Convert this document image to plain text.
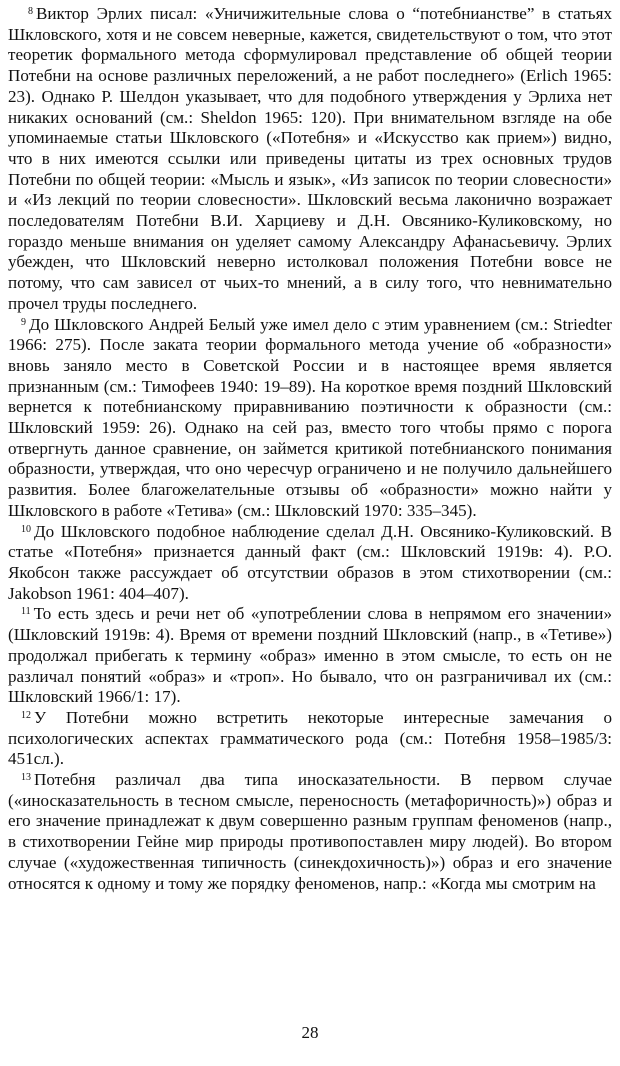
$^8$ Виктор Эрлих писал: «Уничижительные слова о “потебнианстве” в статьях Шкловского, хотя и не совсем неверные, кажется, свидетельствуют о том, что этот теоретик формального метода сформулировал представление об общей теории Потебни на основе различных переложений, а не работ последнего» (Erlich 1965: 23). Однако Р. Шелдон указывает, что для подобного утверждения у Эрлиха нет никаких оснований (см.: Sheldon 1965: 120). При внимательном взгляде на обе упоминаемые статьи Шкловского («Потебня» и «Искусство как прием») видно, что в них имеются ссылки или приведены цитаты из трех основных трудов Потебни по общей теории: «Мысль и язык», «Из записок по теории словесности» и «Из лекций по теории словесности». Шкловский весьма лаконично возражает последователям Потебни В.И. Харциеву и Д.Н. Овсянико-Куликовскому, но гораздо меньше внимания он уделяет самому Александру Афанасьевичу. Эрлих убежден, что Шкловский неверно истолковал положения Потебни вовсе не потому, что сам зависел от чьих-то мнений, а в силу того, что невнимательно прочел труды последнего.

$^9$ До Шкловского Андрей Белый уже имел дело с этим уравнением (см.: Striedter 1966: 275). После заката теории формального метода учение об «образности» вновь заняло место в Советской России и в настоящее время является признанным (см.: Тимофеев 1940: 19–89). На короткое время поздний Шкловский вернется к потебнианскому приравниванию поэтичности к образности (см.: Шкловский 1959: 26). Однако на сей раз, вместо того чтобы прямо с порога отвергнуть данное сравнение, он займется критикой потебнианского понимания образности, утверждая, что оно чересчур ограничено и не получило дальнейшего развития. Более благожелательные отзывы об «образности» можно найти у Шкловского в работе «Тетива» (см.: Шкловский 1970: 335–345).

$^{10}$ До Шкловского подобное наблюдение сделал Д.Н. Овсянико-Куликовский. В статье «Потебня» признается данный факт (см.: Шкловский 1919в: 4). Р.О. Якобсон также рассуждает об отсутствии образов в этом стихотворении (см.: Jakobson 1961: 404–407).

$^{11}$ То есть здесь и речи нет об «употреблении слова в непрямом его значении» (Шкловский 1919в: 4). Время от времени поздний Шкловский (напр., в «Тетиве») продолжал прибегать к термину «образ» именно в этом смысле, то есть он не различал понятий «образ» и «троп». Но бывало, что он разграничивал их (см.: Шкловский 1966/1: 17).

$^{12}$ У Потебни можно встретить некоторые интересные замечания о психологических аспектах грамматического рода (см.: Потебня 1958–1985/3: 451сл.).

$^{13}$ Потебня различал два типа иносказательности. В первом случае («иносказательность в тесном смысле, переносность (метафоричность)») образ и его значение принадлежат к двум совершенно разным группам феноменов (напр., в стихотворении Гейне мир природы противопоставлен миру людей). Во втором случае («художественная типичность (синекдохичность)») образ и его значение относятся к одному и тому же порядку феноменов, напр.: «Когда мы смотрим на

28
